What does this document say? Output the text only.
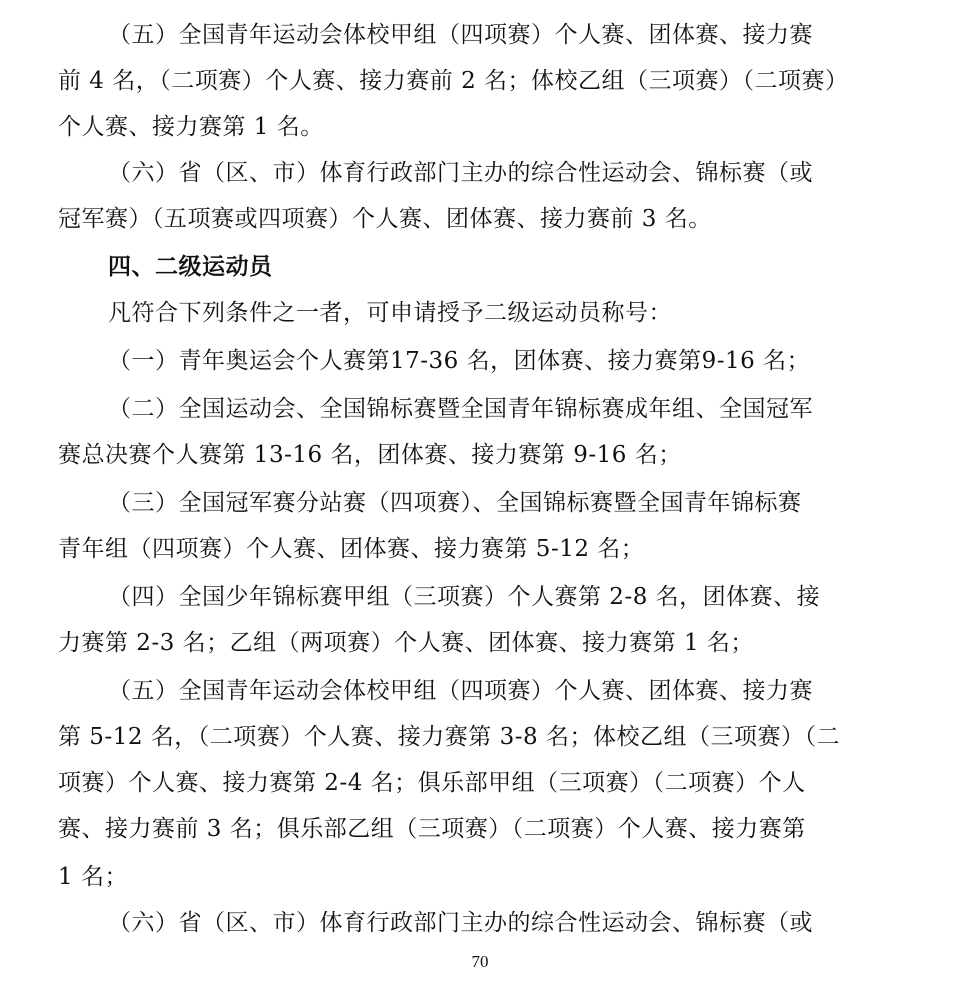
（五）全国青年运动会体校甲组（四项赛）个人赛、团体赛、接力赛
前 4 名，（二项赛）个人赛、接力赛前 2 名；体校乙组（三项赛）（二项赛）
个人赛、接力赛第 1 名。
（六）省（区、市）体育行政部门主办的综合性运动会、锦标赛（或
冠军赛）（五项赛或四项赛）个人赛、团体赛、接力赛前 3 名。
四、二级运动员
凡符合下列条件之一者，可申请授予二级运动员称号：
（一）青年奥运会个人赛第17-36 名，团体赛、接力赛第9-16 名；
（二）全国运动会、全国锦标赛暨全国青年锦标赛成年组、全国冠军
赛总决赛个人赛第 13-16 名，团体赛、接力赛第 9-16 名；
（三）全国冠军赛分站赛（四项赛）、全国锦标赛暨全国青年锦标赛
青年组（四项赛）个人赛、团体赛、接力赛第 5-12 名；
（四）全国少年锦标赛甲组（三项赛）个人赛第 2-8 名，团体赛、接
力赛第 2-3 名；乙组（两项赛）个人赛、团体赛、接力赛第 1 名；
（五）全国青年运动会体校甲组（四项赛）个人赛、团体赛、接力赛
第 5-12 名，（二项赛）个人赛、接力赛第 3-8 名；体校乙组（三项赛）（二
项赛）个人赛、接力赛第 2-4 名；俱乐部甲组（三项赛）（二项赛）个人
赛、接力赛前 3 名；俱乐部乙组（三项赛）（二项赛）个人赛、接力赛第
1 名；
（六）省（区、市）体育行政部门主办的综合性运动会、锦标赛（或
70
